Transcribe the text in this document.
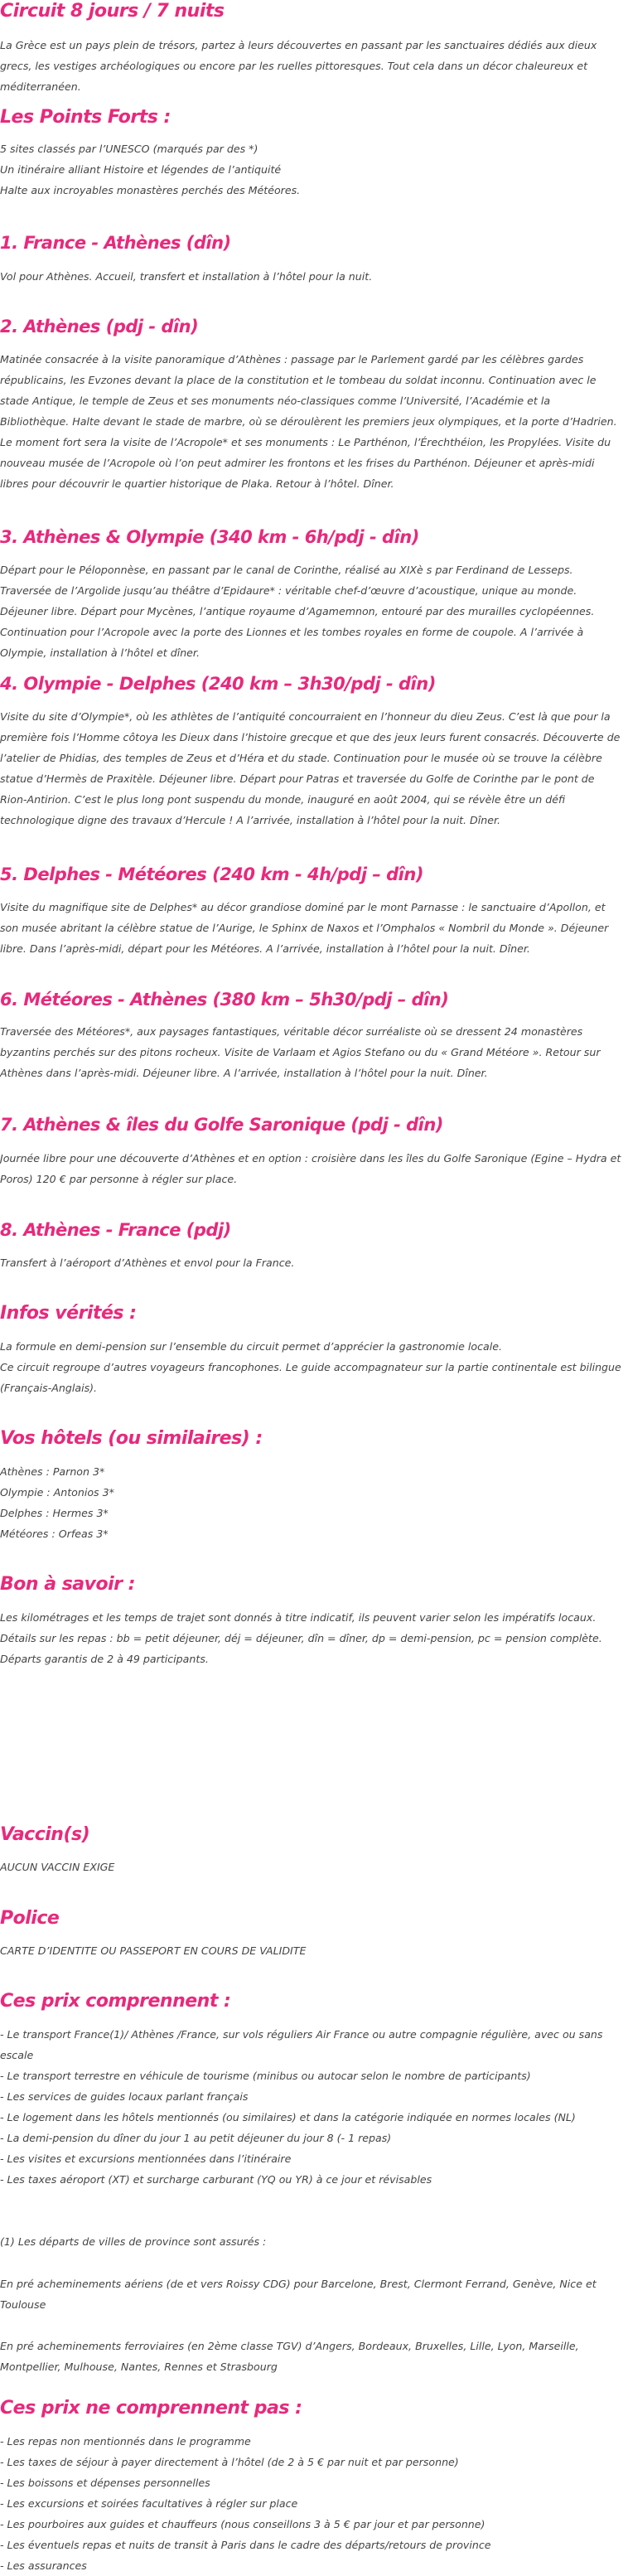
Circuit 8 jours / 7 nuits

La Grèce est un pays plein de trésors, partez à leurs découvertes en passant par les sanctuaires dédiés aux dieux grecs, les vestiges archéologiques ou encore par les ruelles pittoresques. Tout cela dans un décor chaleureux et méditerranéen.

Les Points Forts :

5 sites classés par l’UNESCO (marqués par des *)
Un itinéraire alliant Histoire et légendes de l’antiquité
Halte aux incroyables monastères perchés des Météores.

1. France - Athènes (dîn)

Vol pour Athènes. Accueil, transfert et installation à l’hôtel pour la nuit.

2. Athènes (pdj - dîn)

Matinée consacrée à la visite panoramique d’Athènes : passage par le Parlement gardé par les célèbres gardes républicains, les Evzones devant la place de la constitution et le tombeau du soldat inconnu. Continuation avec le stade Antique, le temple de Zeus et ses monuments néo-classiques comme l’Université, l’Académie et la Bibliothèque. Halte devant le stade de marbre, où se déroulèrent les premiers jeux olympiques, et la porte d’Hadrien. Le moment fort sera la visite de l’Acropole* et ses monuments : Le Parthénon, l’Érechthéion, les Propylées. Visite du nouveau musée de l’Acropole où l’on peut admirer les frontons et les frises du Parthénon. Déjeuner et après-midi libres pour découvrir le quartier historique de Plaka. Retour à l’hôtel. Dîner.

3. Athènes & Olympie (340 km - 6h/pdj - dîn)

Départ pour le Péloponnèse, en passant par le canal de Corinthe, réalisé au XIXè s par Ferdinand de Lesseps. Traversée de l’Argolide jusqu’au théâtre d’Epidaure* : véritable chef-d’œuvre d’acoustique, unique au monde. Déjeuner libre. Départ pour Mycènes, l’antique royaume d’Agamemnon, entouré par des murailles cyclopéennes. Continuation pour l’Acropole avec la porte des Lionnes et les tombes royales en forme de coupole. A l’arrivée à Olympie, installation à l’hôtel et dîner.

4. Olympie - Delphes (240 km – 3h30/pdj - dîn)

Visite du site d’Olympie*, où les athlètes de l’antiquité concourraient en l’honneur du dieu Zeus. C’est là que pour la première fois l’Homme côtoya les Dieux dans l’histoire grecque et que des jeux leurs furent consacrés. Découverte de l’atelier de Phidias, des temples de Zeus et d’Héra et du stade. Continuation pour le musée où se trouve la célèbre statue d’Hermès de Praxitèle. Déjeuner libre. Départ pour Patras et traversée du Golfe de Corinthe par le pont de Rion-Antirion. C’est le plus long pont suspendu du monde, inauguré en août 2004, qui se révèle être un défi technologique digne des travaux d’Hercule ! A l’arrivée, installation à l’hôtel pour la nuit. Dîner.

5. Delphes - Météores (240 km - 4h/pdj – dîn)

Visite du magnifique site de Delphes* au décor grandiose dominé par le mont Parnasse : le sanctuaire d’Apollon, et son musée abritant la célèbre statue de l’Aurige, le Sphinx de Naxos et l’Omphalos « Nombril du Monde ». Déjeuner libre. Dans l’après-midi, départ pour les Météores. A l’arrivée, installation à l’hôtel pour la nuit. Dîner.

6. Météores - Athènes (380 km – 5h30/pdj – dîn)

Traversée des Météores*, aux paysages fantastiques, véritable décor surréaliste où se dressent 24 monastères byzantins perchés sur des pitons rocheux. Visite de Varlaam et Agios Stefano ou du « Grand Météore ». Retour sur Athènes dans l’après-midi. Déjeuner libre. A l’arrivée, installation à l’hôtel pour la nuit. Dîner.

7. Athènes & îles du Golfe Saronique (pdj - dîn)

Journée libre pour une découverte d’Athènes et en option : croisière dans les îles du Golfe Saronique (Egine – Hydra et Poros) 120 € par personne à régler sur place.

8. Athènes - France (pdj)

Transfert à l’aéroport d’Athènes et envol pour la France.

Infos vérités :

La formule en demi-pension sur l’ensemble du circuit permet d’apprécier la gastronomie locale.
Ce circuit regroupe d’autres voyageurs francophones. Le guide accompagnateur sur la partie continentale est bilingue (Français-Anglais).

Vos hôtels (ou similaires) :

Athènes : Parnon 3*
Olympie : Antonios 3*
Delphes : Hermes 3*
Météores : Orfeas 3*

Bon à savoir :

Les kilométrages et les temps de trajet sont donnés à titre indicatif, ils peuvent varier selon les impératifs locaux.
Détails sur les repas : bb = petit déjeuner, déj = déjeuner, dîn = dîner, dp = demi-pension, pc = pension complète.
Départs garantis de 2 à 49 participants.

Vaccin(s)

AUCUN VACCIN EXIGE

Police

CARTE D’IDENTITE OU PASSEPORT EN COURS DE VALIDITE

Ces prix comprennent :

- Le transport France(1)/ Athènes /France, sur vols réguliers Air France ou autre compagnie régulière, avec ou sans escale
- Le transport terrestre en véhicule de tourisme (minibus ou autocar selon le nombre de participants)
- Les services de guides locaux parlant français
- Le logement dans les hôtels mentionnés (ou similaires) et dans la catégorie indiquée en normes locales (NL)
- La demi-pension du dîner du jour 1 au petit déjeuner du jour 8 (- 1 repas)
- Les visites et excursions mentionnées dans l’itinéraire
- Les taxes aéroport (XT) et surcharge carburant (YQ ou YR) à ce jour et révisables

(1) Les départs de villes de province sont assurés :

En pré acheminements aériens (de et vers Roissy CDG) pour Barcelone, Brest, Clermont Ferrand, Genève, Nice et Toulouse

En pré acheminements ferroviaires (en 2ème classe TGV) d’Angers, Bordeaux, Bruxelles, Lille, Lyon, Marseille, Montpellier, Mulhouse, Nantes, Rennes et Strasbourg

Ces prix ne comprennent pas :

- Les repas non mentionnés dans le programme
- Les taxes de séjour à payer directement à l’hôtel (de 2 à 5 € par nuit et par personne)
- Les boissons et dépenses personnelles
- Les excursions et soirées facultatives à régler sur place
- Les pourboires aux guides et chauffeurs (nous conseillons 3 à 5 € par jour et par personne)
- Les éventuels repas et nuits de transit à Paris dans le cadre des départs/retours de province
- Les assurances
